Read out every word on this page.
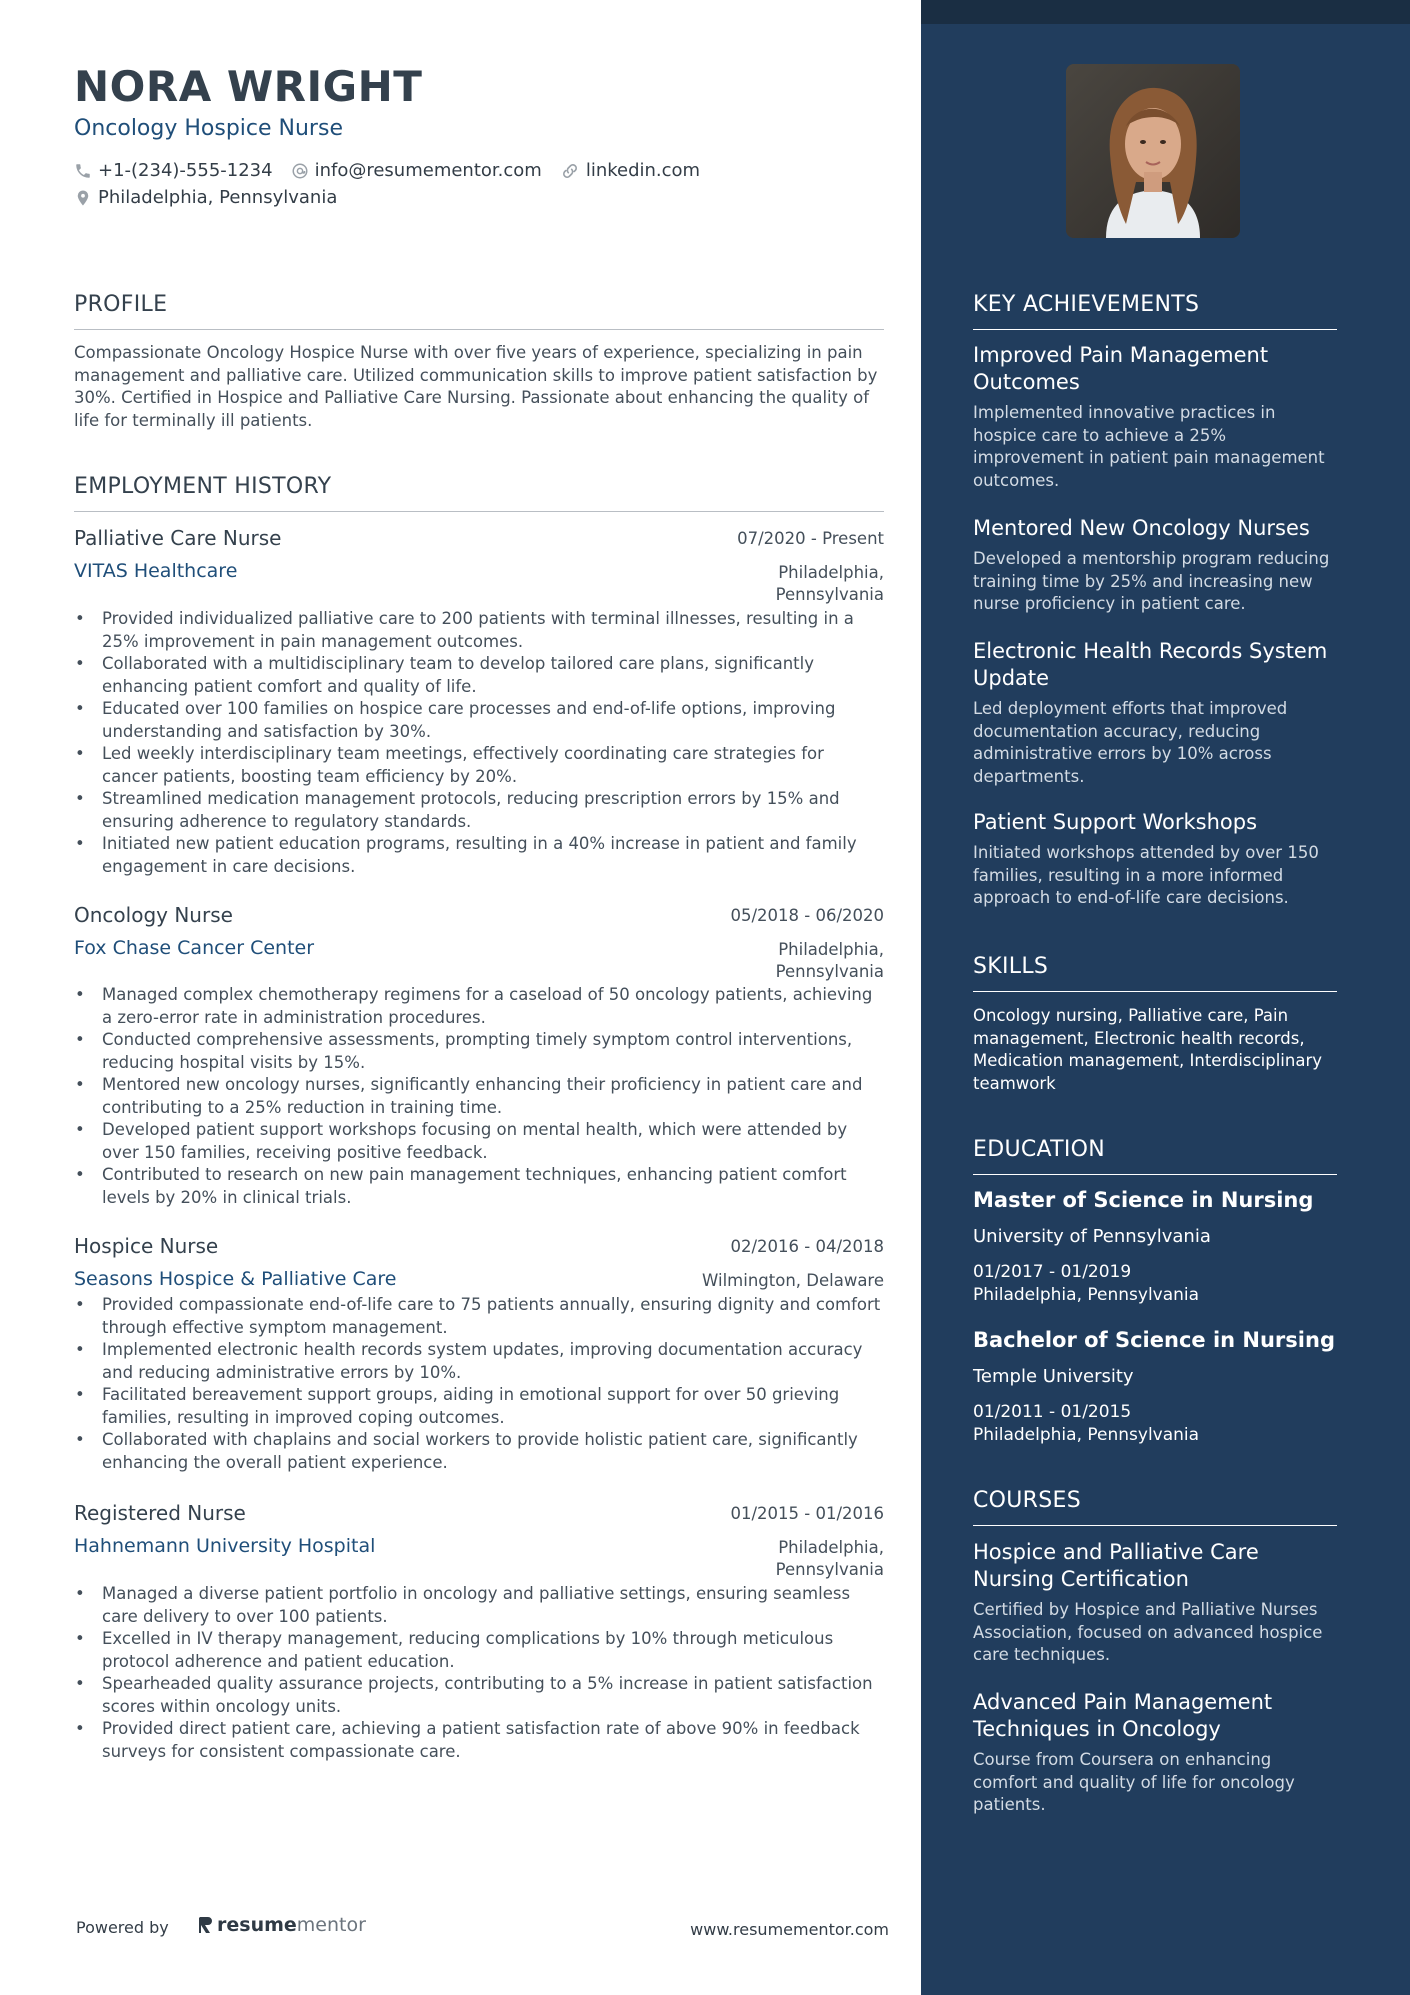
NORA WRIGHT
Oncology Hospice Nurse
+1-(234)-555-1234 info@resumementor.com linkedin.com
Philadelphia, Pennsylvania
PROFILE

Compassionate Oncology Hospice Nurse with over five years of experience, specializing in pain management and palliative care. Utilized communication skills to improve patient satisfaction by 30%. Certified in Hospice and Palliative Care Nursing. Passionate about enhancing the quality of life for terminally ill patients.

EMPLOYMENT HISTORY
Palliative Care Nurse	07/2020 - Present
VITAS Healthcare	Philadelphia, Pennsylvania
• Provided individualized palliative care to 200 patients with terminal illnesses, resulting in a 25% improvement in pain management outcomes.
• Collaborated with a multidisciplinary team to develop tailored care plans, significantly enhancing patient comfort and quality of life.
• Educated over 100 families on hospice care processes and end-of-life options, improving understanding and satisfaction by 30%.
• Led weekly interdisciplinary team meetings, effectively coordinating care strategies for cancer patients, boosting team efficiency by 20%.
• Streamlined medication management protocols, reducing prescription errors by 15% and ensuring adherence to regulatory standards.
• Initiated new patient education programs, resulting in a 40% increase in patient and family engagement in care decisions.
Oncology Nurse	05/2018 - 06/2020
Fox Chase Cancer Center	Philadelphia, Pennsylvania
• Managed complex chemotherapy regimens for a caseload of 50 oncology patients, achieving a zero-error rate in administration procedures.
• Conducted comprehensive assessments, prompting timely symptom control interventions, reducing hospital visits by 15%.
• Mentored new oncology nurses, significantly enhancing their proficiency in patient care and contributing to a 25% reduction in training time.
• Developed patient support workshops focusing on mental health, which were attended by over 150 families, receiving positive feedback.
• Contributed to research on new pain management techniques, enhancing patient comfort levels by 20% in clinical trials.
Hospice Nurse	02/2016 - 04/2018
Seasons Hospice & Palliative Care	Wilmington, Delaware
• Provided compassionate end-of-life care to 75 patients annually, ensuring dignity and comfort through effective symptom management.
• Implemented electronic health records system updates, improving documentation accuracy and reducing administrative errors by 10%.
• Facilitated bereavement support groups, aiding in emotional support for over 50 grieving families, resulting in improved coping outcomes.
• Collaborated with chaplains and social workers to provide holistic patient care, significantly enhancing the overall patient experience.
Registered Nurse	01/2015 - 01/2016
Hahnemann University Hospital	Philadelphia, Pennsylvania
• Managed a diverse patient portfolio in oncology and palliative settings, ensuring seamless care delivery to over 100 patients.
• Excelled in IV therapy management, reducing complications by 10% through meticulous protocol adherence and patient education.
• Spearheaded quality assurance projects, contributing to a 5% increase in patient satisfaction scores within oncology units.
• Provided direct patient care, achieving a patient satisfaction rate of above 90% in feedback surveys for consistent compassionate care.
Powered by	resume mentor	www.resumementor.com
KEY ACHIEVEMENTS
Improved Pain Management Outcomes
Implemented innovative practices in hospice care to achieve a 25% improvement in patient pain management outcomes.
Mentored New Oncology Nurses
Developed a mentorship program reducing training time by 25% and increasing new nurse proficiency in patient care.
Electronic Health Records System Update
Led deployment efforts that improved documentation accuracy, reducing administrative errors by 10% across departments.
Patient Support Workshops
Initiated workshops attended by over 150 families, resulting in a more informed approach to end-of-life care decisions.
SKILLS
Oncology nursing, Palliative care, Pain management, Electronic health records, Medication management, Interdisciplinary teamwork
EDUCATION
Master of Science in Nursing
University of Pennsylvania
01/2017 - 01/2019
Philadelphia, Pennsylvania
Bachelor of Science in Nursing
Temple University
01/2011 - 01/2015
Philadelphia, Pennsylvania
COURSES
Hospice and Palliative Care Nursing Certification
Certified by Hospice and Palliative Nurses Association, focused on advanced hospice care techniques.
Advanced Pain Management Techniques in Oncology
Course from Coursera on enhancing comfort and quality of life for oncology patients.
